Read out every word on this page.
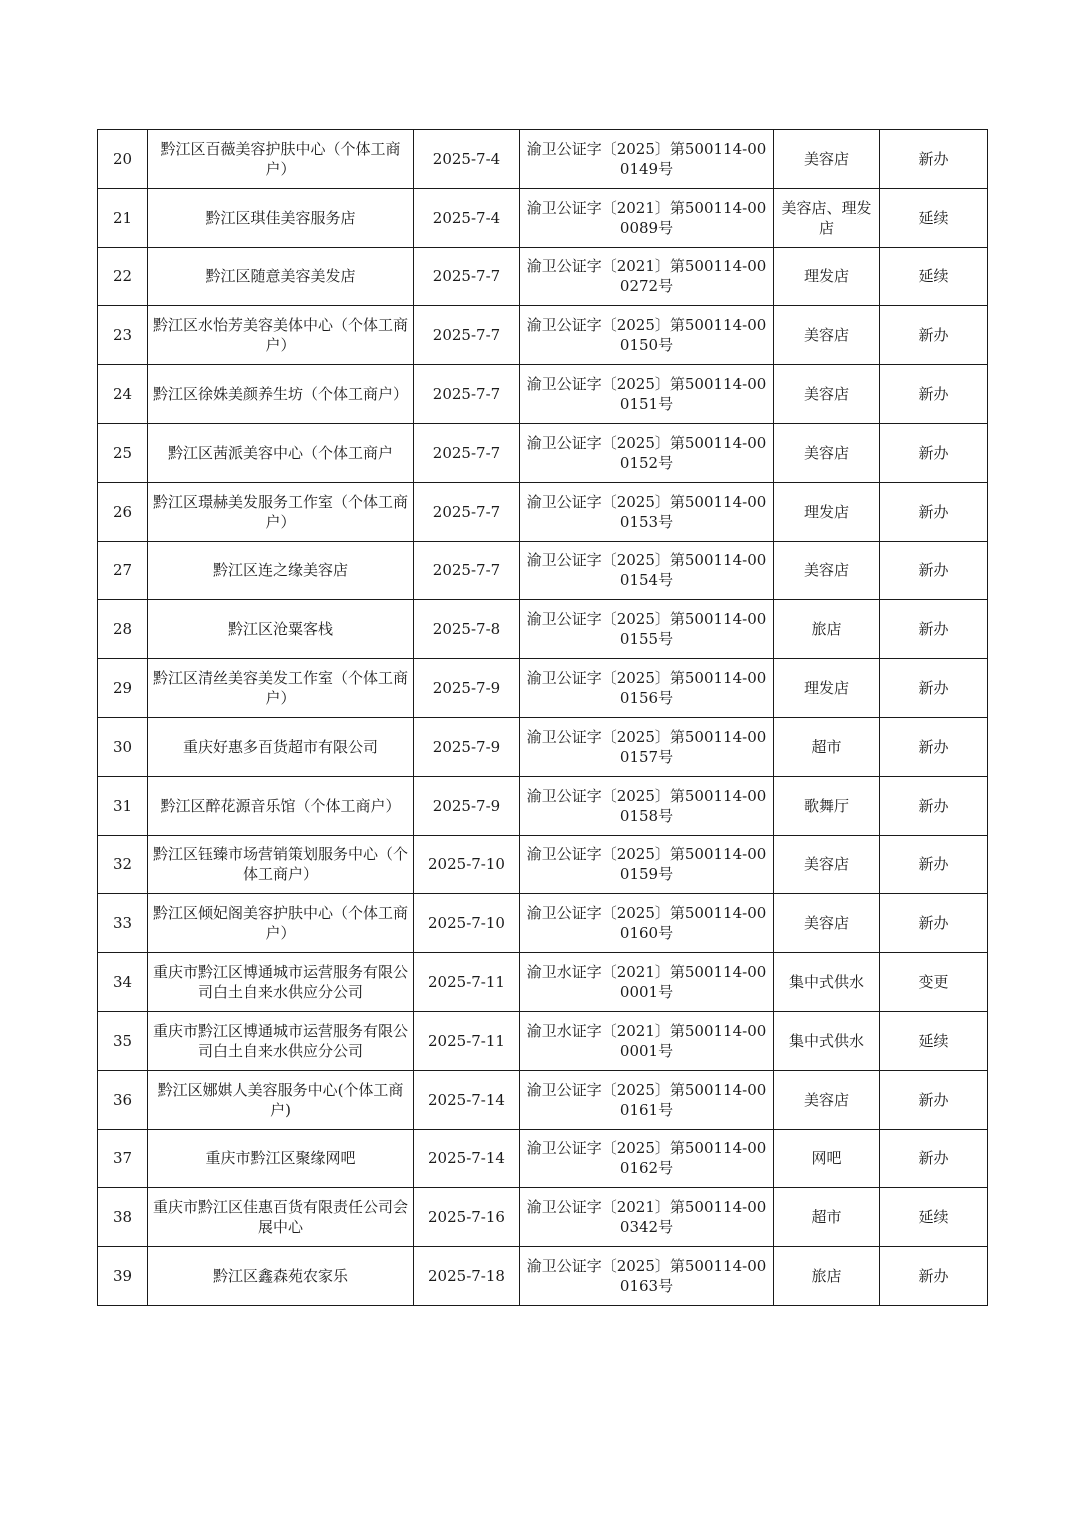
20	黔江区百薇美容护肤中心（个体工商户）	2025-7-4	渝卫公证字〔2025〕第500114-000149号	美容店	新办
21	黔江区琪佳美容服务店	2025-7-4	渝卫公证字〔2021〕第500114-000089号	美容店、理发店	延续
22	黔江区随意美容美发店	2025-7-7	渝卫公证字〔2021〕第500114-000272号	理发店	延续
23	黔江区水怡芳美容美体中心（个体工商户）	2025-7-7	渝卫公证字〔2025〕第500114-000150号	美容店	新办
24	黔江区徐姝美颜养生坊（个体工商户）	2025-7-7	渝卫公证字〔2025〕第500114-000151号	美容店	新办
25	黔江区茜派美容中心（个体工商户	2025-7-7	渝卫公证字〔2025〕第500114-000152号	美容店	新办
26	黔江区璟赫美发服务工作室（个体工商户）	2025-7-7	渝卫公证字〔2025〕第500114-000153号	理发店	新办
27	黔江区连之缘美容店	2025-7-7	渝卫公证字〔2025〕第500114-000154号	美容店	新办
28	黔江区沧粟客栈	2025-7-8	渝卫公证字〔2025〕第500114-000155号	旅店	新办
29	黔江区清丝美容美发工作室（个体工商户）	2025-7-9	渝卫公证字〔2025〕第500114-000156号	理发店	新办
30	重庆好惠多百货超市有限公司	2025-7-9	渝卫公证字〔2025〕第500114-000157号	超市	新办
31	黔江区醉花源音乐馆（个体工商户）	2025-7-9	渝卫公证字〔2025〕第500114-000158号	歌舞厅	新办
32	黔江区钰臻市场营销策划服务中心（个体工商户）	2025-7-10	渝卫公证字〔2025〕第500114-000159号	美容店	新办
33	黔江区倾妃阁美容护肤中心（个体工商户）	2025-7-10	渝卫公证字〔2025〕第500114-000160号	美容店	新办
34	重庆市黔江区博通城市运营服务有限公司白土自来水供应分公司	2025-7-11	渝卫水证字〔2021〕第500114-000001号	集中式供水	变更
35	重庆市黔江区博通城市运营服务有限公司白土自来水供应分公司	2025-7-11	渝卫水证字〔2021〕第500114-000001号	集中式供水	延续
36	黔江区娜娸人美容服务中心(个体工商户)	2025-7-14	渝卫公证字〔2025〕第500114-000161号	美容店	新办
37	重庆市黔江区聚缘网吧	2025-7-14	渝卫公证字〔2025〕第500114-000162号	网吧	新办
38	重庆市黔江区佳惠百货有限责任公司会展中心	2025-7-16	渝卫公证字〔2021〕第500114-000342号	超市	延续
39	黔江区鑫森苑农家乐	2025-7-18	渝卫公证字〔2025〕第500114-000163号	旅店	新办
